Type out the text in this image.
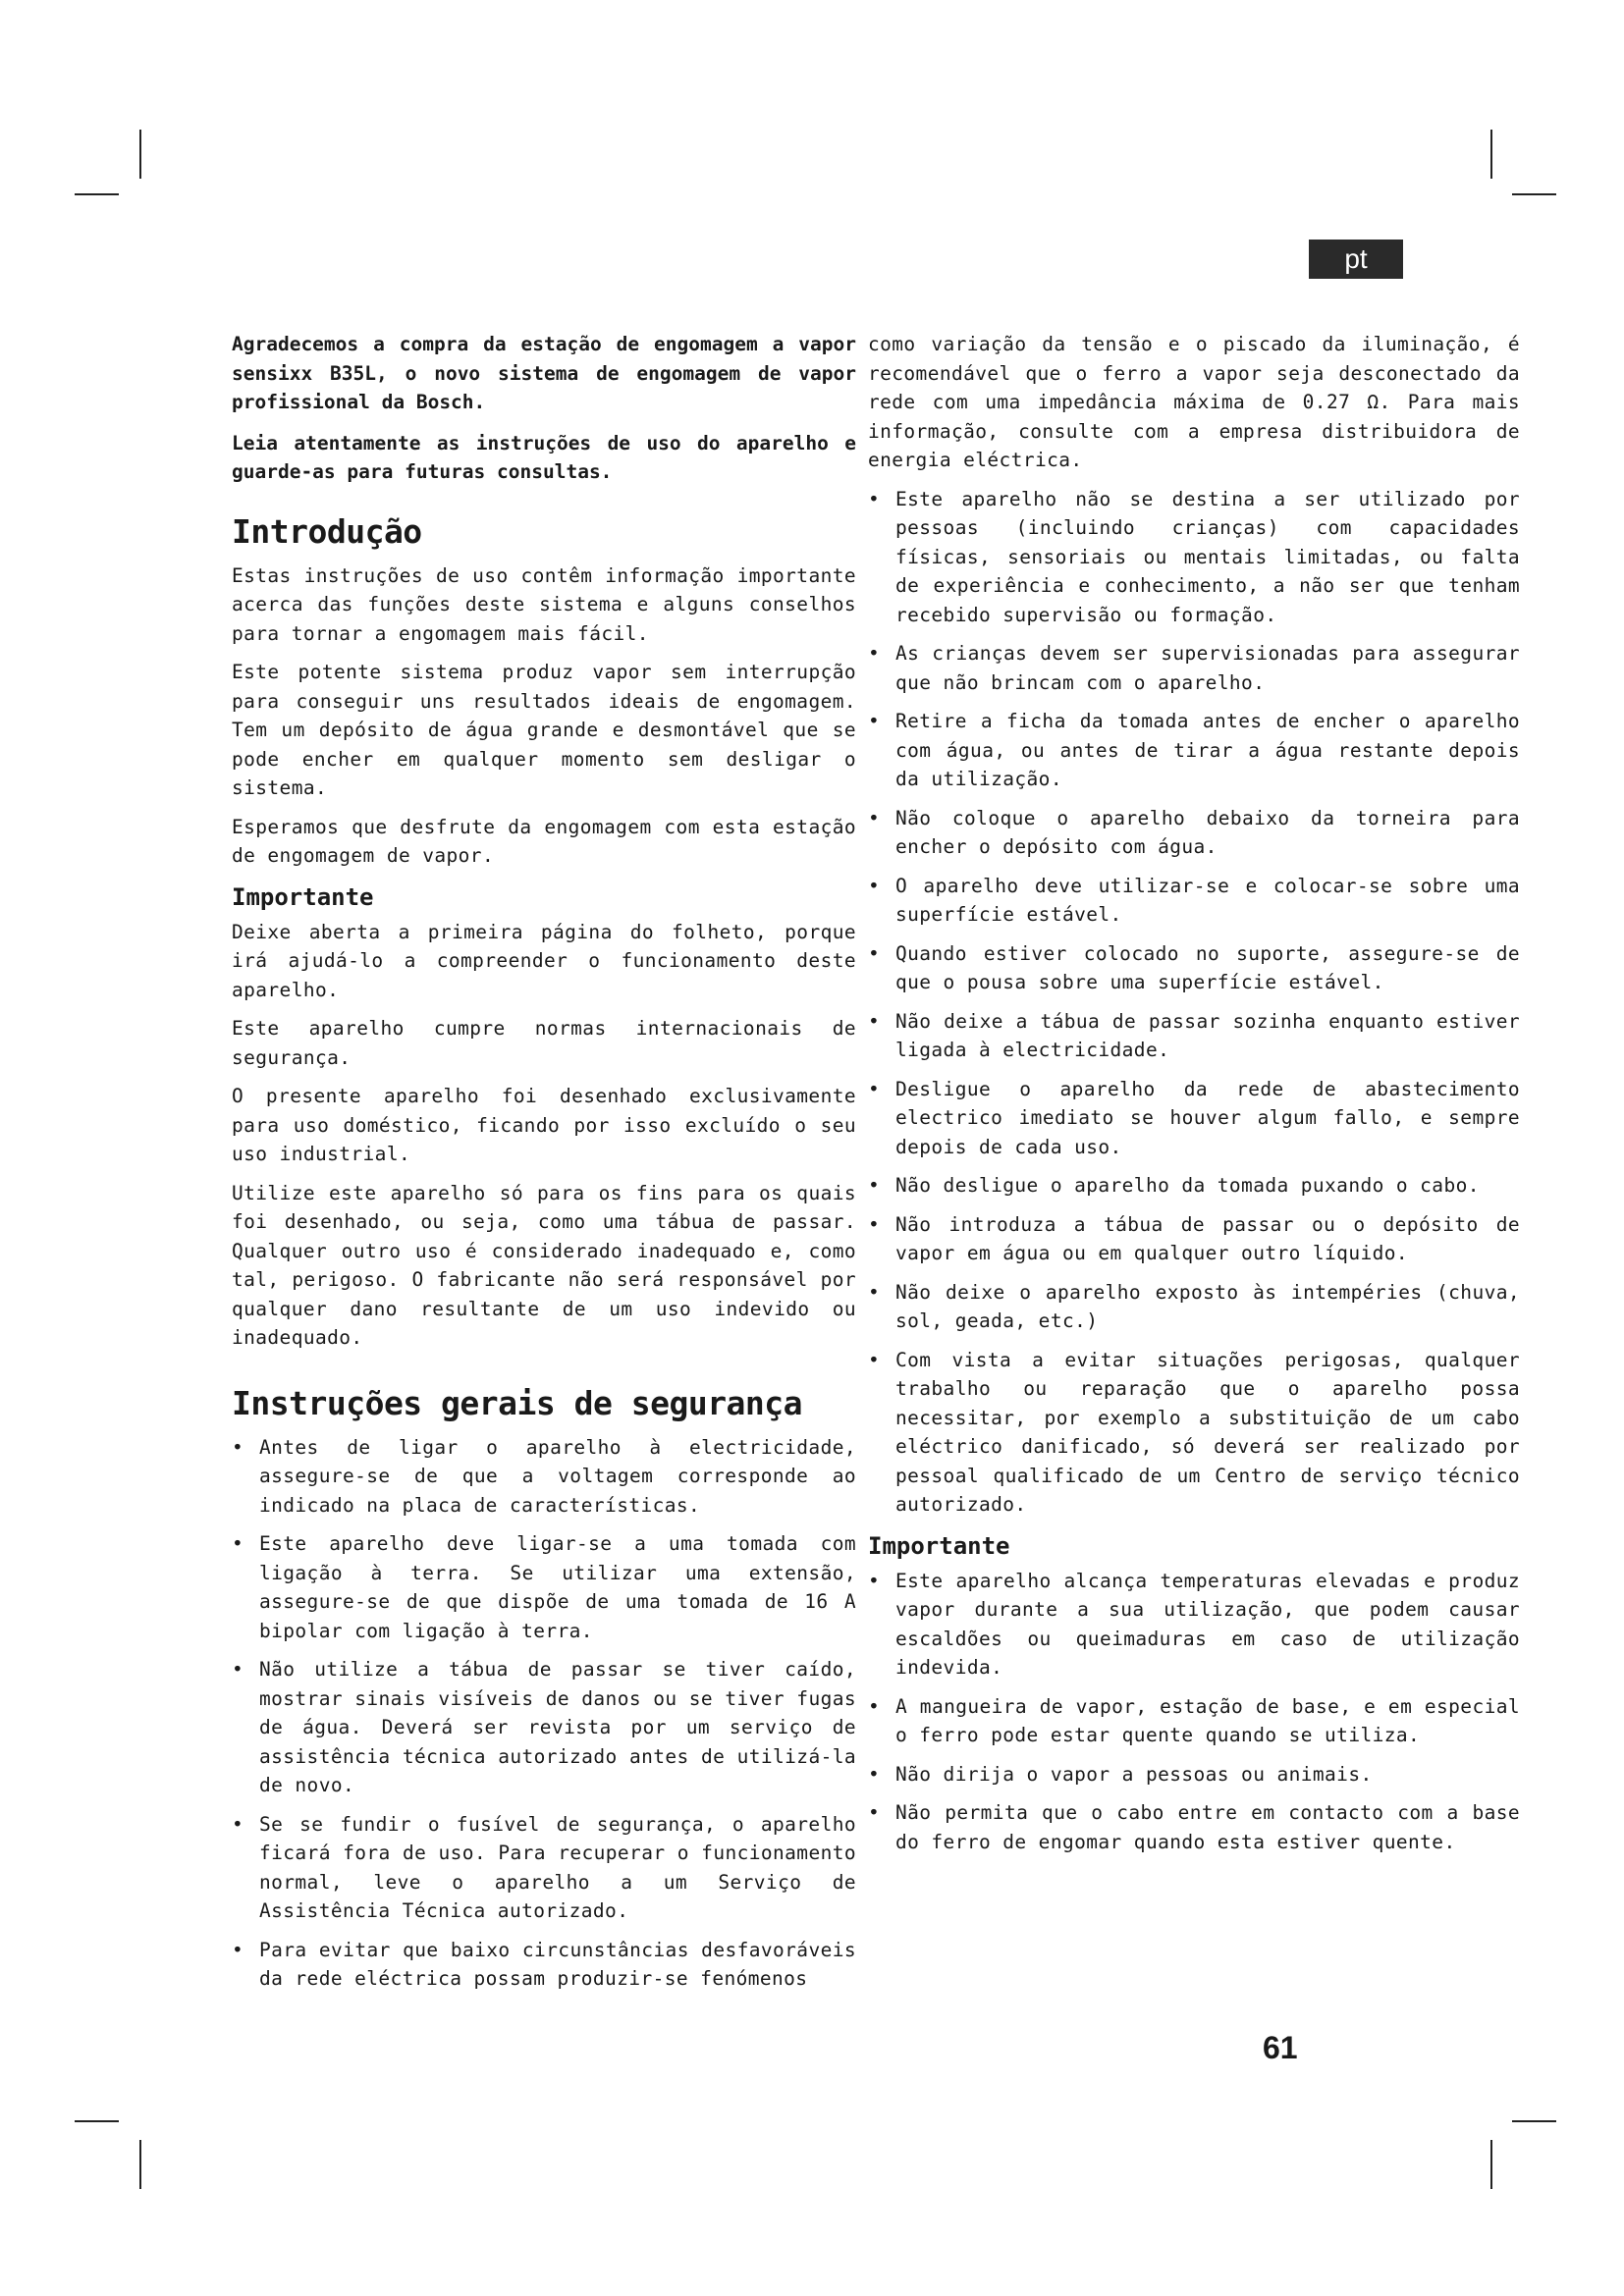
pt

Agradecemos a compra da estação de engomagem a vapor sensixx B35L, o novo sistema de engomagem de vapor profissional da Bosch.

Leia atentamente as instruções de uso do aparelho e guarde-as para futuras consultas.

Introdução

Estas instruções de uso contêm informação importante acerca das funções deste sistema e alguns conselhos para tornar a engomagem mais fácil.

Este potente sistema produz vapor sem interrupção para conseguir uns resultados ideais de engomagem. Tem um depósito de água grande e desmontável que se pode encher em qualquer momento sem desligar o sistema.

Esperamos que desfrute da engomagem com esta estação de engomagem de vapor.

Importante

Deixe aberta a primeira página do folheto, porque irá ajudá-lo a compreender o funcionamento deste aparelho.

Este aparelho cumpre normas internacionais de segurança.

O presente aparelho foi desenhado exclusivamente para uso doméstico, ficando por isso excluído o seu uso industrial.

Utilize este aparelho só para os fins para os quais foi desenhado, ou seja, como uma tábua de passar. Qualquer outro uso é considerado inadequado e, como tal, perigoso. O fabricante não será responsável por qualquer dano resultante de um uso indevido ou inadequado.

Instruções gerais de segurança
• Antes de ligar o aparelho à electricidade, assegure-se de que a voltagem corresponde ao indicado na placa de características.
• Este aparelho deve ligar-se a uma tomada com ligação à terra. Se utilizar uma extensão, assegure-se de que dispõe de uma tomada de 16 A bipolar com ligação à terra.
• Não utilize a tábua de passar se tiver caído, mostrar sinais visíveis de danos ou se tiver fugas de água. Deverá ser revista por um serviço de assistência técnica autorizado antes de utilizá-la de novo.
• Se se fundir o fusível de segurança, o aparelho ficará fora de uso. Para recuperar o funcionamento normal, leve o aparelho a um Serviço de Assistência Técnica autorizado.
• Para evitar que baixo circunstâncias desfavoráveis da rede eléctrica possam produzir-se fenómenos

como variação da tensão e o piscado da iluminação, é recomendável que o ferro a vapor seja desconectado da rede com uma impedância máxima de 0.27 Ω. Para mais informação, consulte com a empresa distribuidora de energia eléctrica.

• Este aparelho não se destina a ser utilizado por pessoas (incluindo crianças) com capacidades físicas, sensoriais ou mentais limitadas, ou falta de experiência e conhecimento, a não ser que tenham recebido supervisão ou formação.
• As crianças devem ser supervisionadas para assegurar que não brincam com o aparelho.
• Retire a ficha da tomada antes de encher o aparelho com água, ou antes de tirar a água restante depois da utilização.
• Não coloque o aparelho debaixo da torneira para encher o depósito com água.
• O aparelho deve utilizar-se e colocar-se sobre uma superfície estável.
• Quando estiver colocado no suporte, assegure-se de que o pousa sobre uma superfície estável.
• Não deixe a tábua de passar sozinha enquanto estiver ligada à electricidade.
• Desligue o aparelho da rede de abastecimento electrico imediato se houver algum fallo, e sempre depois de cada uso.
• Não desligue o aparelho da tomada puxando o cabo.
• Não introduza a tábua de passar ou o depósito de vapor em água ou em qualquer outro líquido.
• Não deixe o aparelho exposto às intempéries (chuva, sol, geada, etc.)
• Com vista a evitar situações perigosas, qualquer trabalho ou reparação que o aparelho possa necessitar, por exemplo a substituição de um cabo eléctrico danificado, só deverá ser realizado por pessoal qualificado de um Centro de serviço técnico autorizado.
Importante
• Este aparelho alcança temperaturas elevadas e produz vapor durante a sua utilização, que podem causar escaldões ou queimaduras em caso de utilização indevida.
• A mangueira de vapor, estação de base, e em especial o ferro pode estar quente quando se utiliza.
• Não dirija o vapor a pessoas ou animais.
• Não permita que o cabo entre em contacto com a base do ferro de engomar quando esta estiver quente.
61
